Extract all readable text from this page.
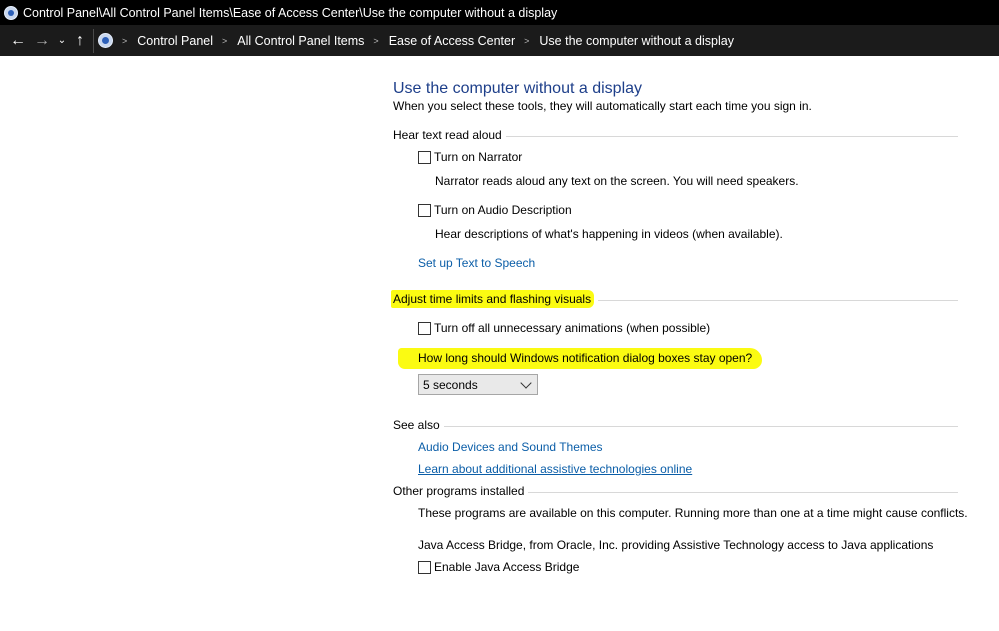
Control Panel\All Control Panel Items\Ease of Access Center\Use the computer without a display
← → ⌄ ↑	> Control Panel > All Control Panel Items > Ease of Access Center > Use the computer without a display
Use the computer without a display
When you select these tools, they will automatically start each time you sign in.
Hear text read aloud
Turn on Narrator
Narrator reads aloud any text on the screen. You will need speakers.
Turn on Audio Description
Hear descriptions of what's happening in videos (when available).
Set up Text to Speech
Adjust time limits and flashing visuals
Turn off all unnecessary animations (when possible)
How long should Windows notification dialog boxes stay open?
5 seconds
See also
Audio Devices and Sound Themes
Learn about additional assistive technologies online
Other programs installed
These programs are available on this computer. Running more than one at a time might cause conflicts.
Java Access Bridge, from Oracle, Inc. providing Assistive Technology access to Java applications
Enable Java Access Bridge
